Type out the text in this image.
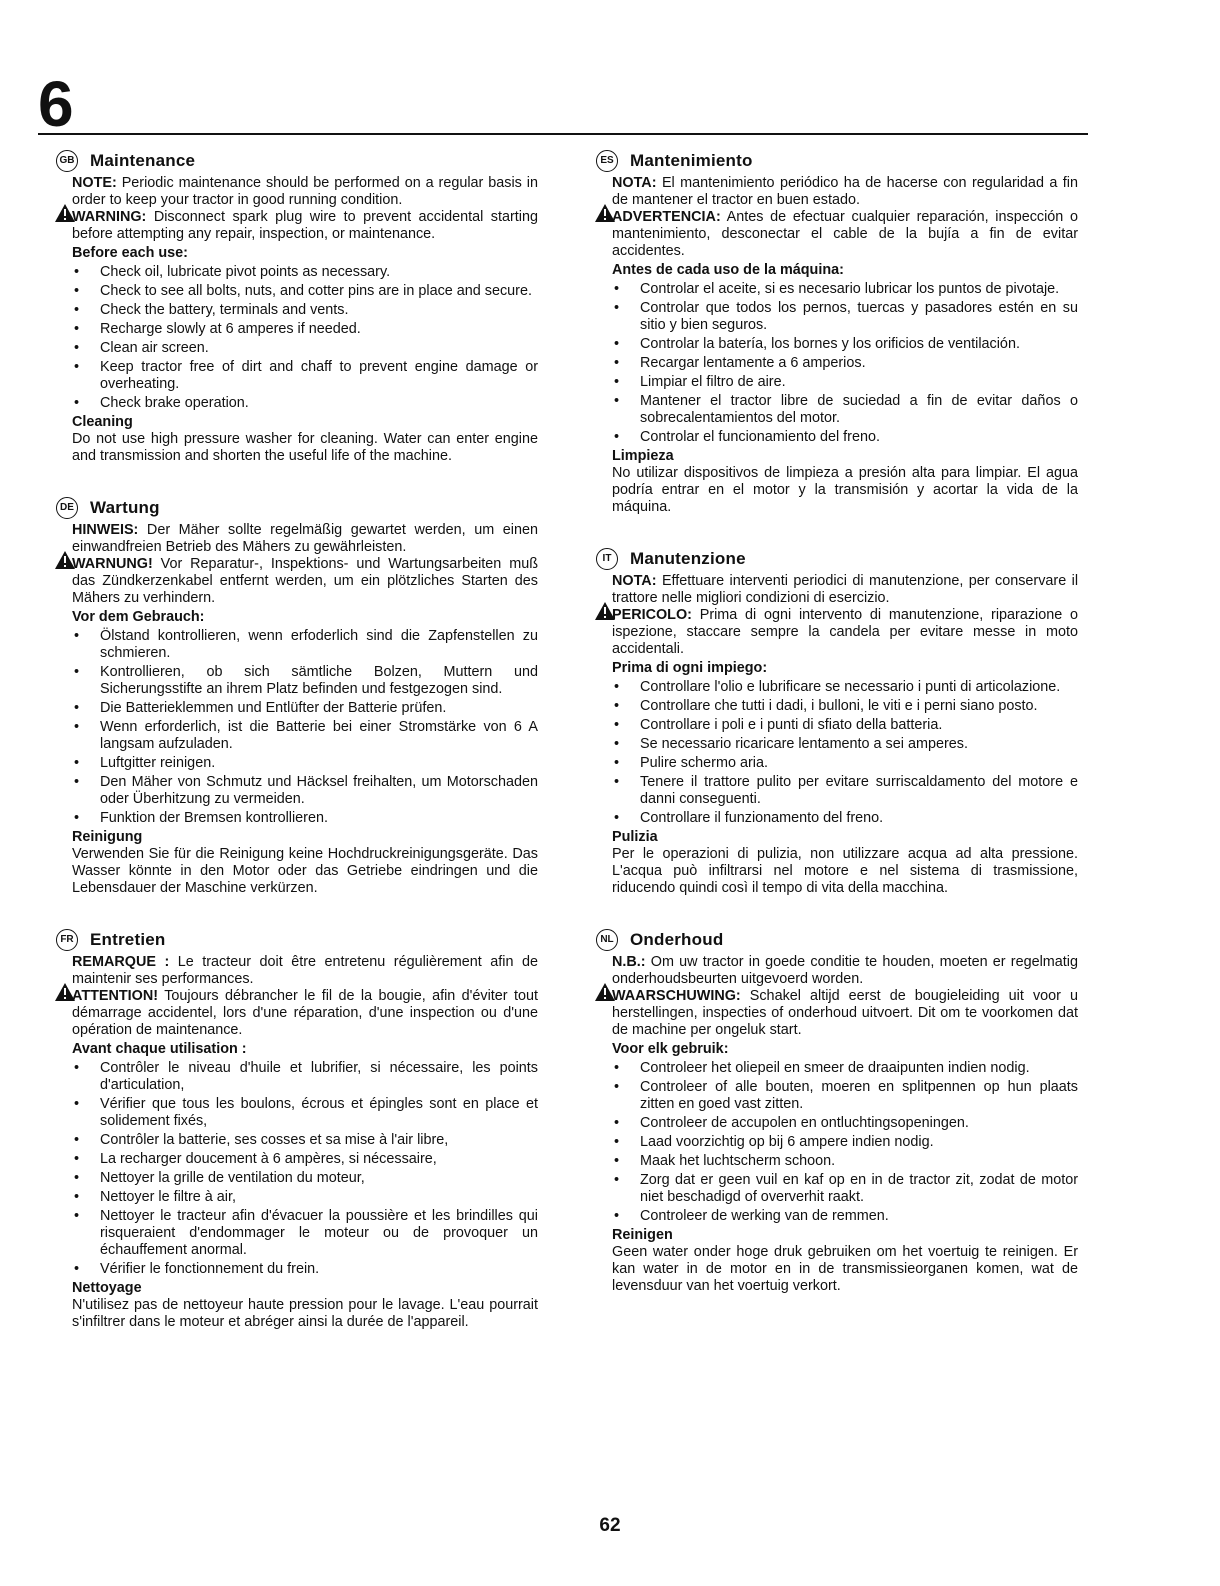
6
GB Maintenance

NOTE: Periodic maintenance should be performed on a regular basis in order to keep your tractor in good running condition.

WARNING: Disconnect spark plug wire to prevent accidental starting before attempting any repair, inspection, or maintenance.

Before each use:
• Check oil, lubricate pivot points as necessary.
• Check to see all bolts, nuts, and cotter pins are in place and secure.
• Check the battery, terminals and vents.
• Recharge slowly at 6 amperes if needed.
• Clean air screen.
• Keep tractor free of dirt and chaff to prevent engine damage or overheating.
• Check brake operation.
Cleaning

Do not use high pressure washer for cleaning. Water can enter engine and transmission and shorten the useful life of the machine.

DE Wartung

HINWEIS: Der Mäher sollte regelmäßig gewartet werden, um einen einwandfreien Betrieb des Mähers zu gewährleisten.

WARNUNG! Vor Reparatur-, Inspektions- und Wartungsarbeiten muß das Zündkerzenkabel entfernt werden, um ein plötzliches Starten des Mähers zu verhindern.

Vor dem Gebrauch:
• Ölstand kontrollieren, wenn erfoderlich sind die Zapfenstellen zu schmieren.
• Kontrollieren, ob sich sämtliche Bolzen, Muttern und Sicherungsstifte an ihrem Platz befinden und festgezogen sind.
• Die Batterieklemmen und Entlüfter der Batterie prüfen.
• Wenn erforderlich, ist die Batterie bei einer Stromstärke von 6 A langsam aufzuladen.
• Luftgitter reinigen.
• Den Mäher von Schmutz und Häcksel freihalten, um Motorschaden oder Überhitzung zu vermeiden.
• Funktion der Bremsen kontrollieren.
Reinigung

Verwenden Sie für die Reinigung keine Hochdruckreinigungsgeräte. Das Wasser könnte in den Motor oder das Getriebe eindringen und die Lebensdauer der Maschine verkürzen.

FR Entretien

REMARQUE : Le tracteur doit être entretenu régulièrement afin de maintenir ses performances.

ATTENTION! Toujours débrancher le fil de la bougie, afin d'éviter tout démarrage accidentel, lors d'une réparation, d'une inspection ou d'une opération de maintenance.

Avant chaque utilisation :
• Contrôler le niveau d'huile et lubrifier, si nécessaire, les points d'articulation,
• Vérifier que tous les boulons, écrous et épingles sont en place et solidement fixés,
• Contrôler la batterie, ses cosses et sa mise à l'air libre,
• La recharger doucement à 6 ampères, si nécessaire,
• Nettoyer la grille de ventilation du moteur,
• Nettoyer le filtre à air,
• Nettoyer le tracteur afin d'évacuer la poussière et les brindilles qui risqueraient d'endommager le moteur ou de provoquer un échauffement anormal.
• Vérifier le fonctionnement du frein.
Nettoyage

N'utilisez pas de nettoyeur haute pression pour le lavage. L'eau pourrait s'infiltrer dans le moteur et abréger ainsi la durée de l'appareil.

ES Mantenimiento

NOTA: El mantenimiento periódico ha de hacerse con regularidad a fin de mantener el tractor en buen estado.

ADVERTENCIA: Antes de efectuar cualquier reparación, inspección o mantenimiento, desconectar el cable de la bujía a fin de evitar accidentes.

Antes de cada uso de la máquina:
• Controlar el aceite, si es necesario lubricar los puntos de pivotaje.
• Controlar que todos los pernos, tuercas y pasadores estén en su sitio y bien seguros.
• Controlar la batería, los bornes y los orificios de ventilación.
• Recargar lentamente a 6 amperios.
• Limpiar el filtro de aire.
• Mantener el tractor libre de suciedad a fin de evitar daños o sobrecalentamientos del motor.
• Controlar el funcionamiento del freno.
Limpieza

No utilizar dispositivos de limpieza a presión alta para limpiar. El agua podría entrar en el motor y la transmisión y acortar la vida de la máquina.

IT	Manutenzione

NOTA: Effettuare interventi periodici di manutenzione, per conservare il trattore nelle migliori condizioni di esercizio.

PERICOLO: Prima di ogni intervento di manutenzione, riparazione o ispezione, staccare sempre la candela per evitare messe in moto accidentali.

Prima di ogni impiego:
• Controllare l'olio e lubrificare se necessario i punti di articolazione.
• Controllare che tutti i dadi, i bulloni, le viti e i perni siano posto.
• Controllare i poli e i punti di sfiato della batteria.
• Se necessario ricaricare lentamento a sei amperes.
• Pulire schermo aria.
• Tenere il trattore pulito per evitare surriscaldamento del motore e danni conseguenti.
• Controllare il funzionamento del freno.
Pulizia

Per le operazioni di pulizia, non utilizzare acqua ad alta pressione. L'acqua può infiltrarsi nel motore e nel sistema di trasmissione, riducendo quindi così il tempo di vita della macchina.

NL Onderhoud

N.B.: Om uw tractor in goede conditie te houden, moeten er regelmatig onderhoudsbeurten uitgevoerd worden.

WAARSCHUWING: Schakel altijd eerst de bougieleiding uit voor u herstellingen, inspecties of onderhoud uitvoert. Dit om te voorkomen dat de machine per ongeluk start.

Voor elk gebruik:
• Controleer het oliepeil en smeer de draaipunten indien nodig.
• Controleer of alle bouten, moeren en splitpennen op hun plaats zitten en goed vast zitten.
• Controleer de accupolen en ontluchtingsopeningen.
• Laad voorzichtig op bij 6 ampere indien nodig.
• Maak het luchtscherm schoon.
• Zorg dat er geen vuil en kaf op en in de tractor zit, zodat de motor niet beschadigd of oververhit raakt.
• Controleer de werking van de remmen.
Reinigen

Geen water onder hoge druk gebruiken om het voertuig te reinigen. Er kan water in de motor en in de transmissieorganen komen, wat de levensduur van het voertuig verkort.

62
